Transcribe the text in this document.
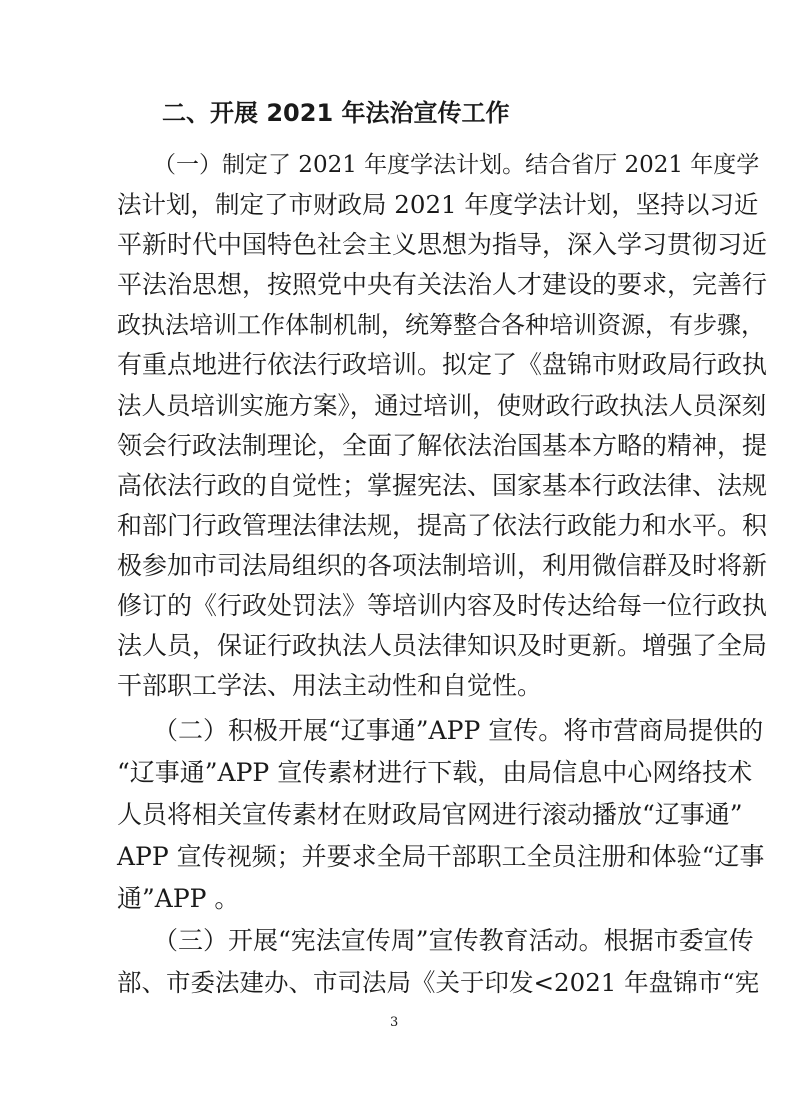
二、开展 2021 年法治宣传工作
（一）制定了 2021 年度学法计划。结合省厅 2021 年度学
法计划，制定了市财政局 2021 年度学法计划，坚持以习近
平新时代中国特色社会主义思想为指导，深入学习贯彻习近
平法治思想，按照党中央有关法治人才建设的要求，完善行
政执法培训工作体制机制，统筹整合各种培训资源，有步骤，
有重点地进行依法行政培训。拟定了《盘锦市财政局行政执
法人员培训实施方案》，通过培训，使财政行政执法人员深刻
领会行政法制理论，全面了解依法治国基本方略的精神，提
高依法行政的自觉性；掌握宪法、国家基本行政法律、法规
和部门行政管理法律法规，提高了依法行政能力和水平。积
极参加市司法局组织的各项法制培训，利用微信群及时将新
修订的《行政处罚法》等培训内容及时传达给每一位行政执
法人员，保证行政执法人员法律知识及时更新。增强了全局
干部职工学法、用法主动性和自觉性。
（二）积极开展“辽事通”APP 宣传。将市营商局提供的
“辽事通”APP 宣传素材进行下载，由局信息中心网络技术
人员将相关宣传素材在财政局官网进行滚动播放“辽事通”
APP 宣传视频；并要求全局干部职工全员注册和体验“辽事
通”APP 。
（三）开展“宪法宣传周”宣传教育活动。根据市委宣传
部、市委法建办、市司法局《关于印发<2021 年盘锦市“宪
3
